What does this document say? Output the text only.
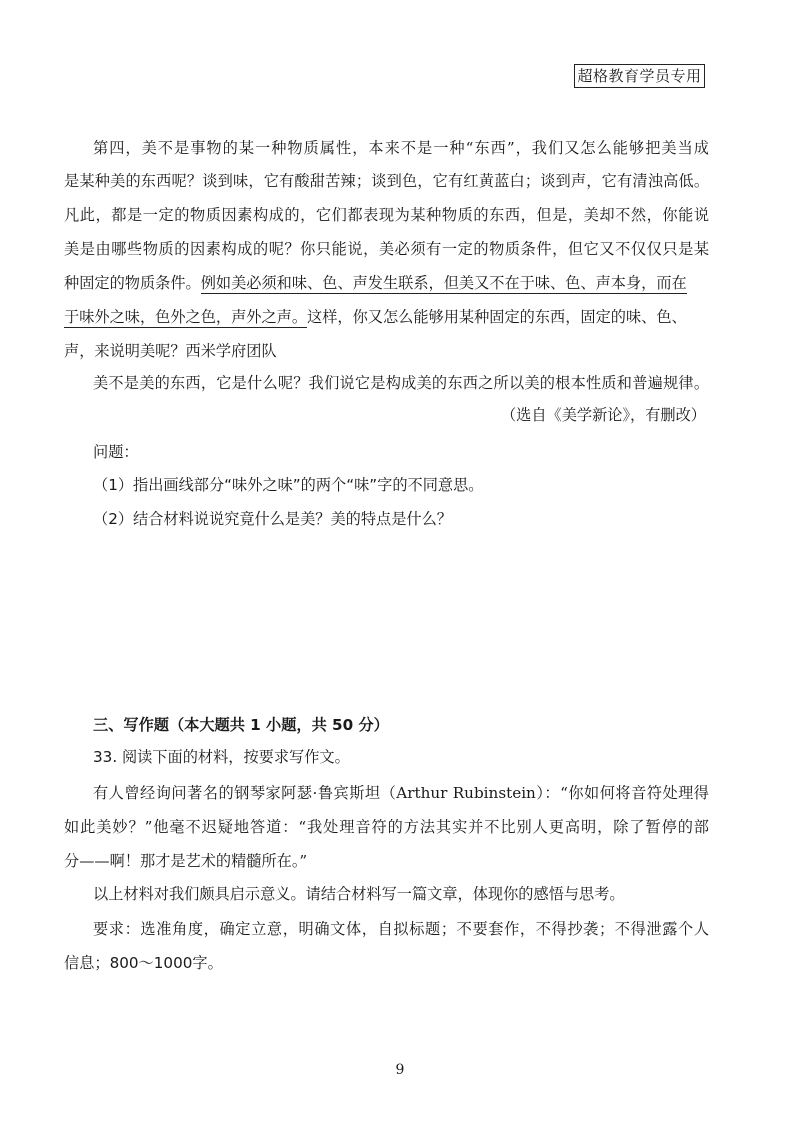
超格教育学员专用
第四，美不是事物的某一种物质属性，本来不是一种“东西”，我们又怎么能够把美当成
是某种美的东西呢？谈到味，它有酸甜苦辣；谈到色，它有红黄蓝白；谈到声，它有清浊高低。
凡此，都是一定的物质因素构成的，它们都表现为某种物质的东西，但是，美却不然，你能说
美是由哪些物质的因素构成的呢？你只能说，美必须有一定的物质条件，但它又不仅仅只是某
种固定的物质条件。例如美必须和味、色、声发生联系，但美又不在于味、色、声本身，而在
于味外之味，色外之色，声外之声。这样，你又怎么能够用某种固定的东西，固定的味、色、
声，来说明美呢？西米学府团队
美不是美的东西，它是什么呢？我们说它是构成美的东西之所以美的根本性质和普遍规律。
（选自《美学新论》，有删改）
问题：
（1）指出画线部分“味外之味”的两个“味”字的不同意思。
（2）结合材料说说究竟什么是美？美的特点是什么？
三、写作题（本大题共 1 小题，共 50 分）
33. 阅读下面的材料，按要求写作文。
有人曾经询问著名的钢琴家阿瑟·鲁宾斯坦（Arthur Rubinstein）：“你如何将音符处理得
如此美妙？”他毫不迟疑地答道：“我处理音符的方法其实并不比别人更高明，除了暂停的部
分——啊！那才是艺术的精髓所在。”
以上材料对我们颇具启示意义。请结合材料写一篇文章，体现你的感悟与思考。
要求：选准角度，确定立意，明确文体，自拟标题；不要套作，不得抄袭；不得泄露个人
信息；800～1000字。
9
